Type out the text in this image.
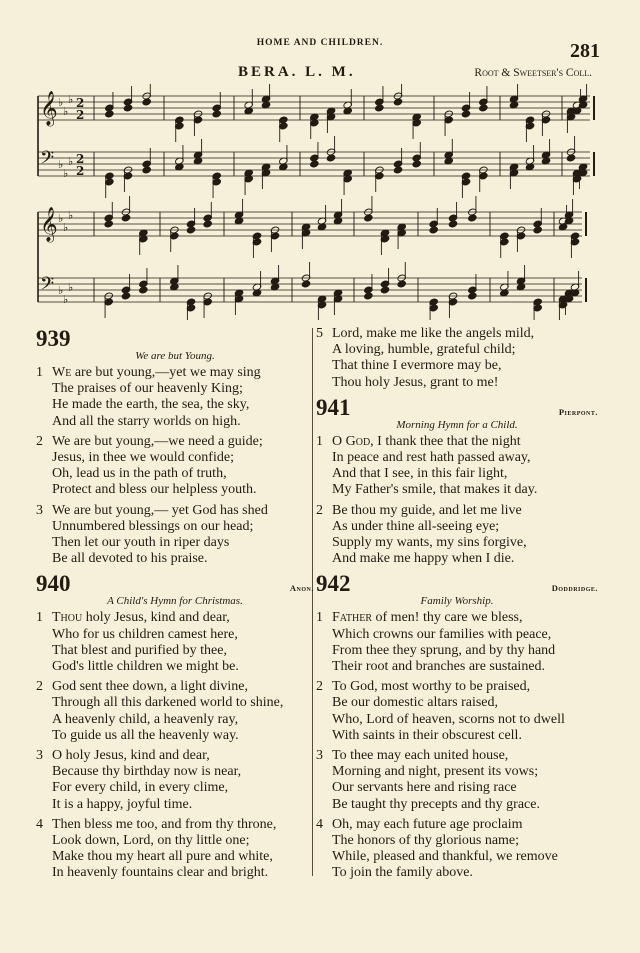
HOME AND CHILDREN.	281
BERA. L. M.	Root & Sweetser's Coll.
𝄞 ♭
♭
♭ 2
2
𝄢 ♭
♭
♭ 2
2
𝄞 ♭
♭
♭
𝄢 ♭
♭
♭
939
We are but Young.
1 We are but young,—yet we may sing
The praises of our heavenly King;
He made the earth, the sea, the sky,
And all the starry worlds on high.
2 We are but young,—we need a guide;
Jesus, in thee we would confide;
Oh, lead us in the path of truth,
Protect and bless our helpless youth.
3 We are but young,— yet God has shed
Unnumbered blessings on our head;
Then let our youth in riper days
Be all devoted to his praise.
940	Anon.
A Child's Hymn for Christmas.
1 Thou holy Jesus, kind and dear,
Who for us children camest here,
That blest and purified by thee,
God's little children we might be.
2 God sent thee down, a light divine,
Through all this darkened world to shine,
A heavenly child, a heavenly ray,
To guide us all the heavenly way.
3 O holy Jesus, kind and dear,
Because thy birthday now is near,
For every child, in every clime,
It is a happy, joyful time.
4 Then bless me too, and from thy throne,
Look down, Lord, on thy little one;
Make thou my heart all pure and white,
In heavenly fountains clear and bright.
5 Lord, make me like the angels mild,
A loving, humble, grateful child;
That thine I evermore may be,
Thou holy Jesus, grant to me!
941	Pierpont.
Morning Hymn for a Child.
1 O God, I thank thee that the night
In peace and rest hath passed away,
And that I see, in this fair light,
My Father's smile, that makes it day.
2 Be thou my guide, and let me live
As under thine all-seeing eye;
Supply my wants, my sins forgive,
And make me happy when I die.
942	Doddridge.
Family Worship.
1 Father of men! thy care we bless,
Which crowns our families with peace,
From thee they sprung, and by thy hand
Their root and branches are sustained.
2 To God, most worthy to be praised,
Be our domestic altars raised,
Who, Lord of heaven, scorns not to dwell
With saints in their obscurest cell.
3 To thee may each united house,
Morning and night, present its vows;
Our servants here and rising race
Be taught thy precepts and thy grace.
4 Oh, may each future age proclaim
The honors of thy glorious name;
While, pleased and thankful, we remove
To join the family above.
